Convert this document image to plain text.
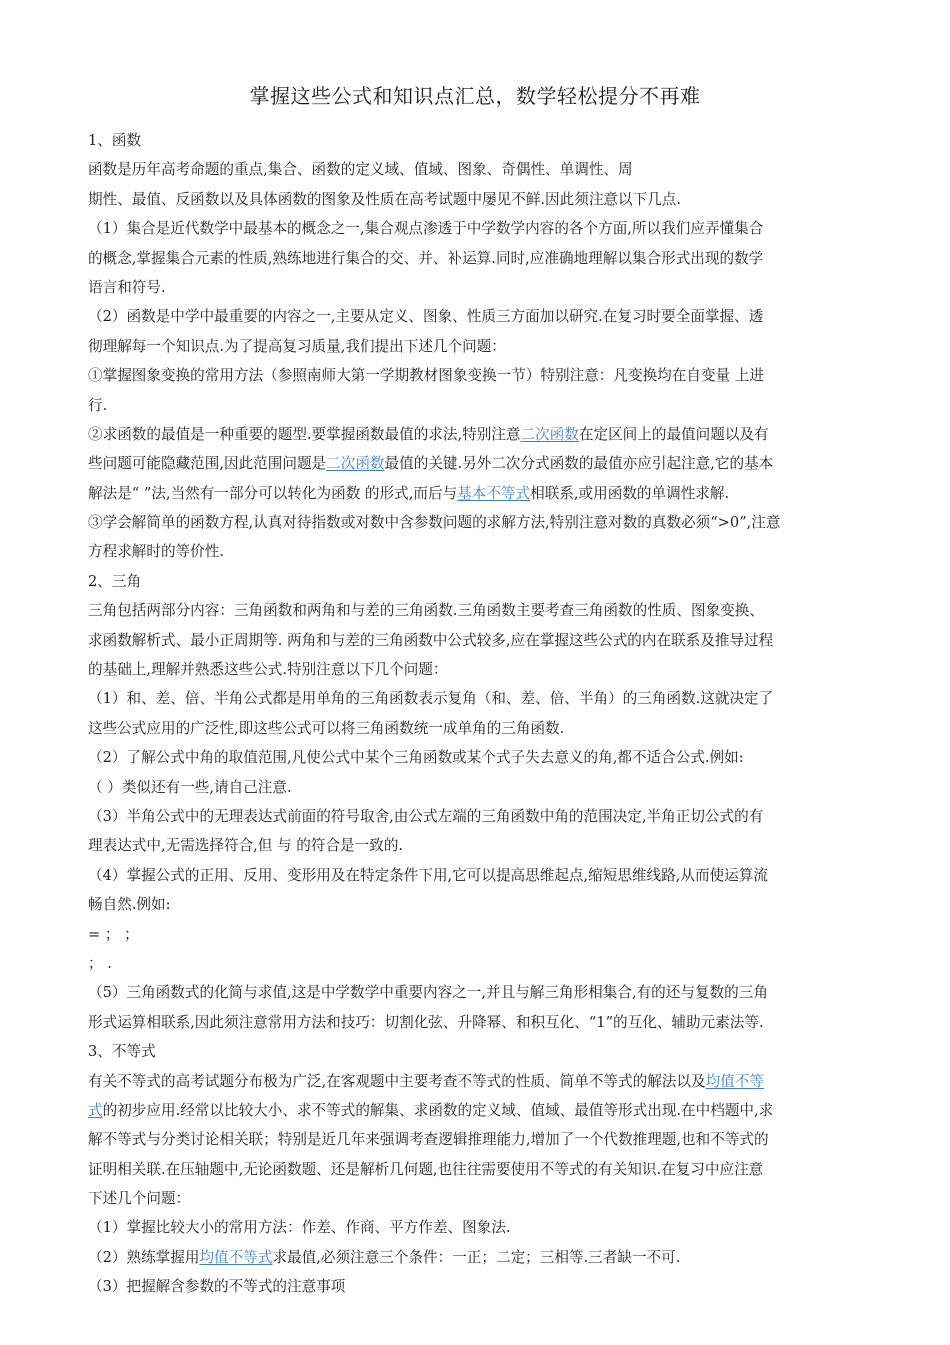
掌握这些公式和知识点汇总，数学轻松提分不再难
1、函数
函数是历年高考命题的重点,集合、函数的定义域、值域、图象、奇偶性、单调性、周
期性、最值、反函数以及具体函数的图象及性质在高考试题中屡见不鲜.因此须注意以下几点.
（1）集合是近代数学中最基本的概念之一,集合观点渗透于中学数学内容的各个方面,所以我们应弄懂集合
的概念,掌握集合元素的性质,熟练地进行集合的交、并、补运算.同时,应准确地理解以集合形式出现的数学
语言和符号.
（2）函数是中学中最重要的内容之一,主要从定义、图象、性质三方面加以研究.在复习时要全面掌握、透
彻理解每一个知识点.为了提高复习质量,我们提出下述几个问题：
①掌握图象变换的常用方法（参照南师大第一学期教材图象变换一节）特别注意：凡变换均在自变量 上进
行.
②求函数的最值是一种重要的题型.要掌握函数最值的求法,特别注意二次函数在定区间上的最值问题以及有
些问题可能隐藏范围,因此范围问题是二次函数最值的关键.另外二次分式函数的最值亦应引起注意,它的基本
解法是“ ”法,当然有一部分可以转化为函数 的形式,而后与基本不等式相联系,或用函数的单调性求解.
③学会解简单的函数方程,认真对待指数或对数中含参数问题的求解方法,特别注意对数的真数必须“>0”,注意
方程求解时的等价性.
2、三角
三角包括两部分内容：三角函数和两角和与差的三角函数.三角函数主要考查三角函数的性质、图象变换、
求函数解析式、最小正周期等. 两角和与差的三角函数中公式较多,应在掌握这些公式的内在联系及推导过程
的基础上,理解并熟悉这些公式.特别注意以下几个问题：
（1）和、差、倍、半角公式都是用单角的三角函数表示复角（和、差、倍、半角）的三角函数.这就决定了
这些公式应用的广泛性,即这些公式可以将三角函数统一成单角的三角函数.
（2）了解公式中角的取值范围,凡使公式中某个三角函数或某个式子失去意义的角,都不适合公式.例如:
（ ）类似还有一些,请自己注意.
（3）半角公式中的无理表达式前面的符号取舍,由公式左端的三角函数中角的范围决定,半角正切公式的有
理表达式中,无需选择符合,但 与 的符合是一致的.
（4）掌握公式的正用、反用、变形用及在特定条件下用,它可以提高思维起点,缩短思维线路,从而使运算流
畅自然.例如:
= ； ；
； .
（5）三角函数式的化简与求值,这是中学数学中重要内容之一,并且与解三角形相集合,有的还与复数的三角
形式运算相联系,因此须注意常用方法和技巧：切割化弦、升降幂、和积互化、“1”的互化、辅助元素法等.
3、不等式
有关不等式的高考试题分布极为广泛,在客观题中主要考查不等式的性质、简单不等式的解法以及均值不等
式的初步应用.经常以比较大小、求不等式的解集、求函数的定义域、值域、最值等形式出现.在中档题中,求
解不等式与分类讨论相关联；特别是近几年来强调考查逻辑推理能力,增加了一个代数推理题,也和不等式的
证明相关联.在压轴题中,无论函数题、还是解析几何题,也往往需要使用不等式的有关知识.在复习中应注意
下述几个问题：
（1）掌握比较大小的常用方法：作差、作商、平方作差、图象法.
（2）熟练掌握用均值不等式求最值,必须注意三个条件：一正；二定；三相等.三者缺一不可.
（3）把握解含参数的不等式的注意事项
